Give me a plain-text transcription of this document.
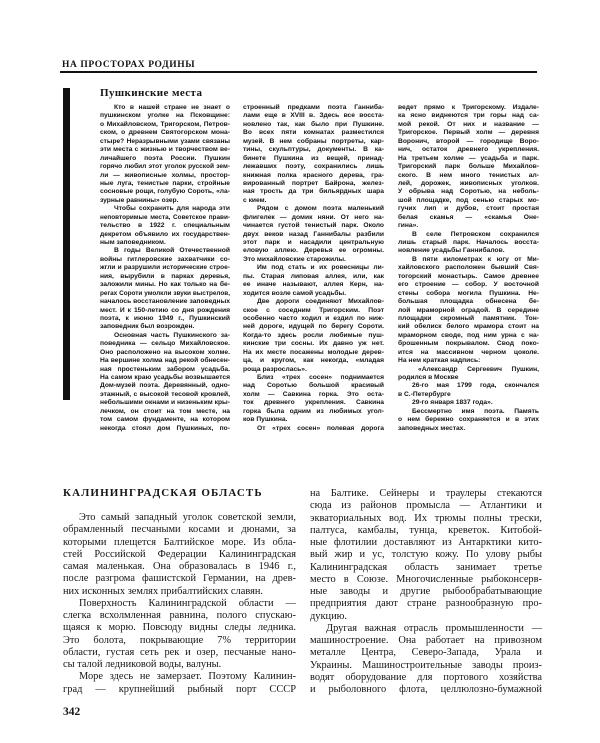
НА ПРОСТОРАХ РОДИНЫ
Пушкинские места
Кто в нашей стране не знает о
пушкинском уголке на Псковщине:
о Михайловском, Тригорском, Петров-
ском, о древнем Святогорском мона-
стыре? Неразрывными узами связаны
эти места с жизнью и творчеством ве-
личайшего поэта России. Пушкин
горячо любил этот уголок русской зем-
ли — живописные холмы, простор-
ные луга, тенистые парки, стройные
сосновые рощи, голубую Сороть, «ла-
зурные равнины» озер.
Чтобы сохранить для народа эти
неповторимые места, Советское прави-
тельство в 1922 г. специальным
декретом объявило их государствен-
ным заповедником.
В годы Великой Отечественной
войны гитлеровские захватчики со-
жгли и разрушили исторические строе-
ния, вырубили в парках деревья,
заложили мины. Но как только на бе-
регах Сороти умолкли звуки выстрелов,
началось восстановление заповедных
мест. И к 150-летию со дня рождения
поэта, к июню 1949 г., Пушкинский
заповедник был возрожден.
Основная часть Пушкинского за-
поведника — сельцо Михайловское.
Оно расположено на высоком холме.
На вершине холма над рекой обнесен-
ная простеньким забором усадьба.
На самом краю усадьбы возвышается
Дом-музей поэта. Деревянный, одно-
этажный, с высокой тесовой кровлей,
небольшими окнами и низеньким кры-
лечком, он стоит на том месте, на
том самом фундаменте, на котором
некогда стоял дом Пушкиных, по-
строенный предками поэта Ганниба-
лами еще в XVIII в. Здесь все восста-
новлено так, как было при Пушкине.
Во всех пяти комнатах разместился
музей. В нем собраны портреты, кар-
тины, скульптуры, документы. В ка-
бинете Пушкина из вещей, принад-
лежавших поэту, сохранились лишь
книжная полка красного дерева, гра-
вированный портрет Байрона, желез-
ная трость да три бильярдных шара
с кием.
Рядом с домом поэта маленький
флигелек — домик няни. От него на-
чинается густой тенистый парк. Около
двух веков назад Ганнибалы разбили
этот парк и насадили центральную
еловую аллею. Деревья ее огромны.
Это михайловские старожилы.
Им под стать и их ровесницы ли-
пы. Старая липовая аллея, или, как
ее иначе называют, аллея Керн, на-
ходится возле самой усадьбы.
Две дороги соединяют Михайлов-
ское с соседним Тригорским. Поэт
особенно часто ходил и ездил по ниж-
ней дороге, идущей по берегу Сороти.
Когда-то здесь росли любимые пуш-
кинские три сосны. Их давно уж нет.
На их месте посажены молодые дерев-
ца, и кругом, как некогда, «младая
роща разрослась».
Близ «трех сосен» поднимается
над Соротью большой красивый
холм — Савкина горка. Это оста-
ток древнего укрепления. Савкина
горка была одним из любимых угол-
ков Пушкина.
От «трех сосен» полевая дорога
ведет прямо к Тригорскому. Издале-
ка ясно виднеются три горы над са-
мой рекой. От них и название —
Тригорское. Первый холм — деревня
Воронич, второй — городище Воро-
нич, остаток древнего укрепления.
На третьем холме — усадьба и парк.
Тригорский парк больше Михайлов-
ского. В нем много тенистых ал-
лей, дорожек, живописных уголков.
У обрыва над Соротью, на неболь-
шой площадке, под сенью старых мо-
гучих лип и дубов, стоит простая
белая скамья — «скамья Оне-
гина».
В селе Петровском сохранился
лишь старый парк. Началось восста-
новление усадьбы Ганнибалов.
В пяти километрах к югу от Ми-
хайловского расположен бывший Свя-
тогорский монастырь. Самое древнее
его строение — собор. У восточной
стены собора могила Пушкина. Не-
большая площадка обнесена бе-
лой мраморной оградой. В середине
площадки скромный памятник. Тон-
кий обелиск белого мрамора стоит на
мраморном своде, под ним урна с на-
брошенным покрывалом. Свод поко-
ится на массивном черном цоколе.
На нем краткая надпись:
«Александр Сергеевич Пушкин,
родился в Москве
26-го мая 1799 года, скончался
в С.-Петербурге
29-го января 1837 года».
Бессмертно имя поэта. Память
о нем бережно сохраняется и в этих
заповедных местах.
КАЛИНИНГРАДСКАЯ ОБЛАСТЬ
Это самый западный уголок советской земли,
обрамленный песчаными косами и дюнами, за
которыми плещется Балтийское море. Из обла-
стей Российской Федерации Калининградская
самая маленькая. Она образовалась в 1946 г.,
после разгрома фашистской Германии, на древ-
них исконных землях прибалтийских славян.
Поверхность Калининградской области —
слегка всхолмленная равнина, полого спускаю-
щаяся к морю. Повсюду видны следы ледника.
Это болота, покрывающие 7% территории
области, густая сеть рек и озер, песчаные нано-
сы талой ледниковой воды, валуны.
Море здесь не замерзает. Поэтому Калинин-
град — крупнейший рыбный порт СССР
на Балтике. Сейнеры и траулеры стекаются
сюда из районов промысла — Атлантики и
экваториальных вод. Их трюмы полны трески,
палтуса, камбалы, тунца, креветок. Китобой-
ные флотилии доставляют из Антарктики кито-
вый жир и ус, толстую кожу. По улову рыбы
Калининградская область занимает третье
место в Союзе. Многочисленные рыбоконсерв-
ные заводы и другие рыбообрабатывающие
предприятия дают стране разнообразную про-
дукцию.
Другая важная отрасль промышленности —
машиностроение. Она работает на привозном
металле Центра, Северо-Запада, Урала и
Украины. Машиностроительные заводы произ-
водят оборудование для портового хозяйства
и рыболовного флота, целлюлозно-бумажной
342
